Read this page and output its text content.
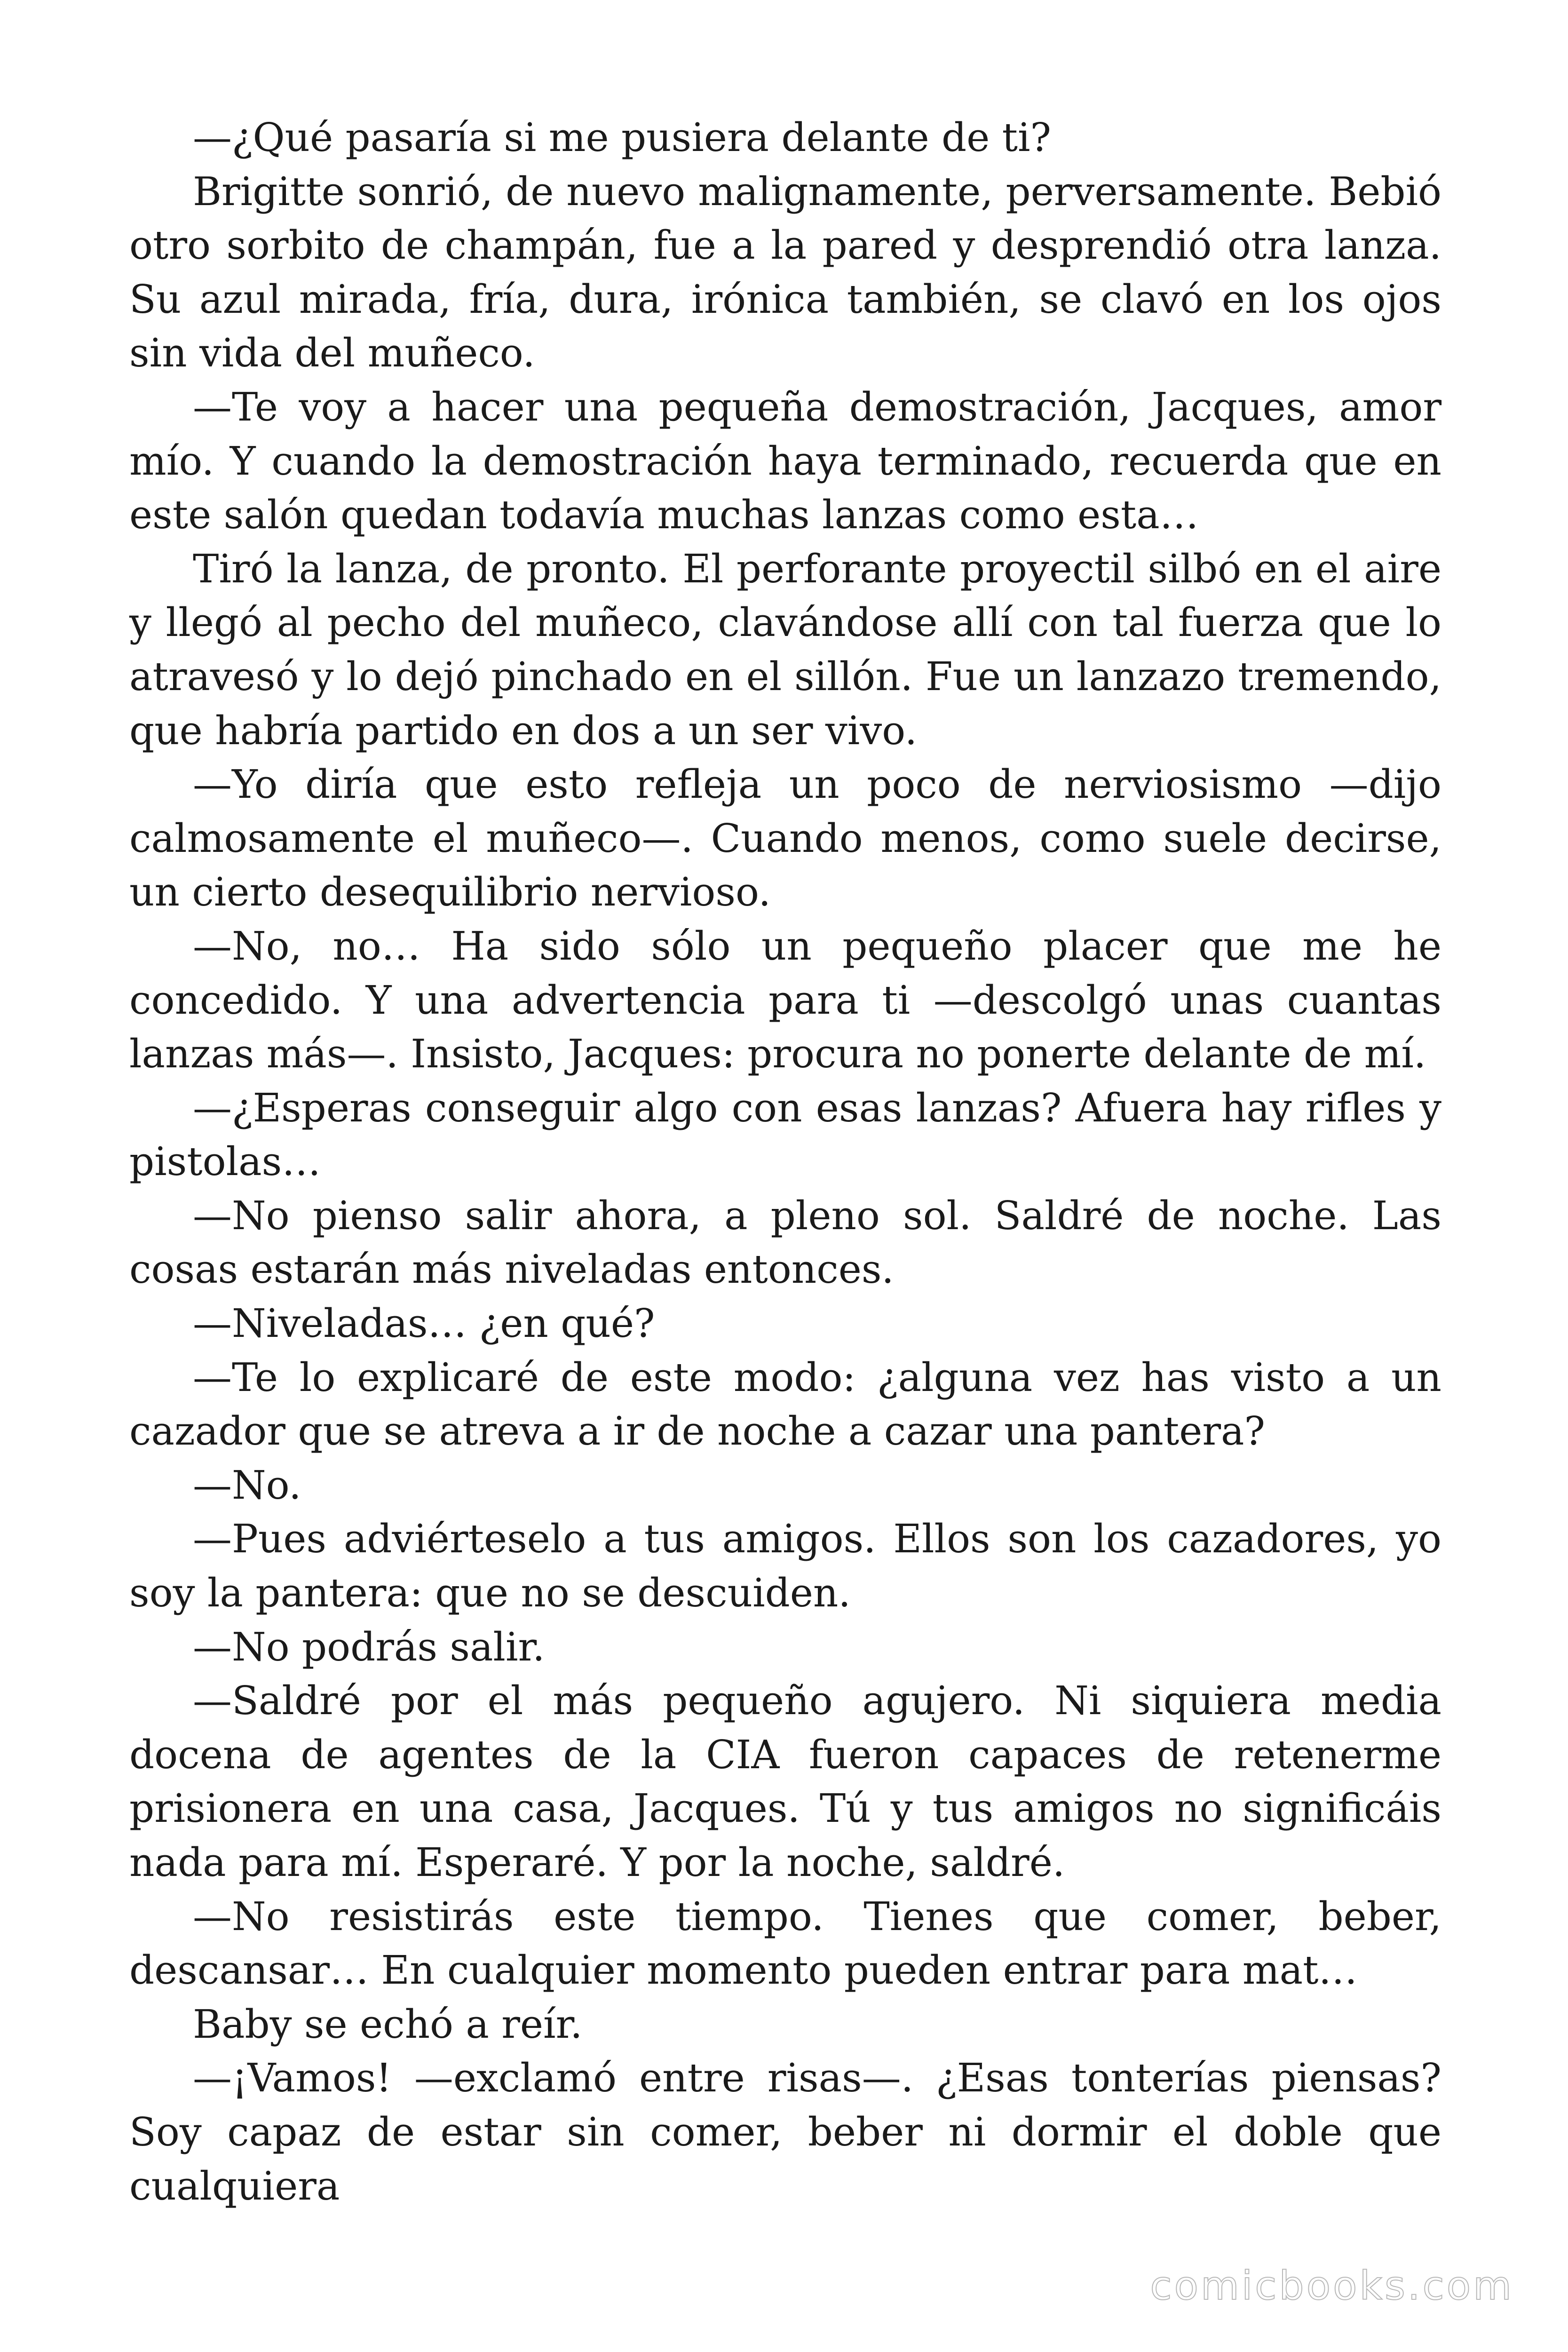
—¿Qué pasaría si me pusiera delante de ti?

Brigitte sonrió, de nuevo malignamente, perversamente. Bebió otro sorbito de champán, fue a la pared y desprendió otra lanza. Su azul mirada, fría, dura, irónica también, se clavó en los ojos sin vida del muñeco.

—Te voy a hacer una pequeña demostración, Jacques, amor mío. Y cuando la demostración haya terminado, recuerda que en este salón quedan todavía muchas lanzas como esta…

Tiró la lanza, de pronto. El perforante proyectil silbó en el aire y llegó al pecho del muñeco, clavándose allí con tal fuerza que lo atravesó y lo dejó pinchado en el sillón. Fue un lanzazo tremendo, que habría partido en dos a un ser vivo.

—Yo diría que esto refleja un poco de nerviosismo —dijo calmosamente el muñeco—. Cuando menos, como suele decirse, un cierto desequilibrio nervioso.

—No, no… Ha sido sólo un pequeño placer que me he concedido. Y una advertencia para ti —descolgó unas cuantas lanzas más—. Insisto, Jacques: procura no ponerte delante de mí.

—¿Esperas conseguir algo con esas lanzas? Afuera hay rifles y pistolas…

—No pienso salir ahora, a pleno sol. Saldré de noche. Las cosas estarán más niveladas entonces.

—Niveladas… ¿en qué?

—Te lo explicaré de este modo: ¿alguna vez has visto a un cazador que se atreva a ir de noche a cazar una pantera?

—No.

—Pues adviérteselo a tus amigos. Ellos son los cazadores, yo soy la pantera: que no se descuiden.

—No podrás salir.

—Saldré por el más pequeño agujero. Ni siquiera media docena de agentes de la CIA fueron capaces de retenerme prisionera en una casa, Jacques. Tú y tus amigos no significáis nada para mí. Esperaré. Y por la noche, saldré.

—No resistirás este tiempo. Tienes que comer, beber, descansar… En cualquier momento pueden entrar para mat…

Baby se echó a reír.

—¡Vamos! —exclamó entre risas—. ¿Esas tonterías piensas? Soy capaz de estar sin comer, beber ni dormir el doble que cualquiera

comicbooks.com
